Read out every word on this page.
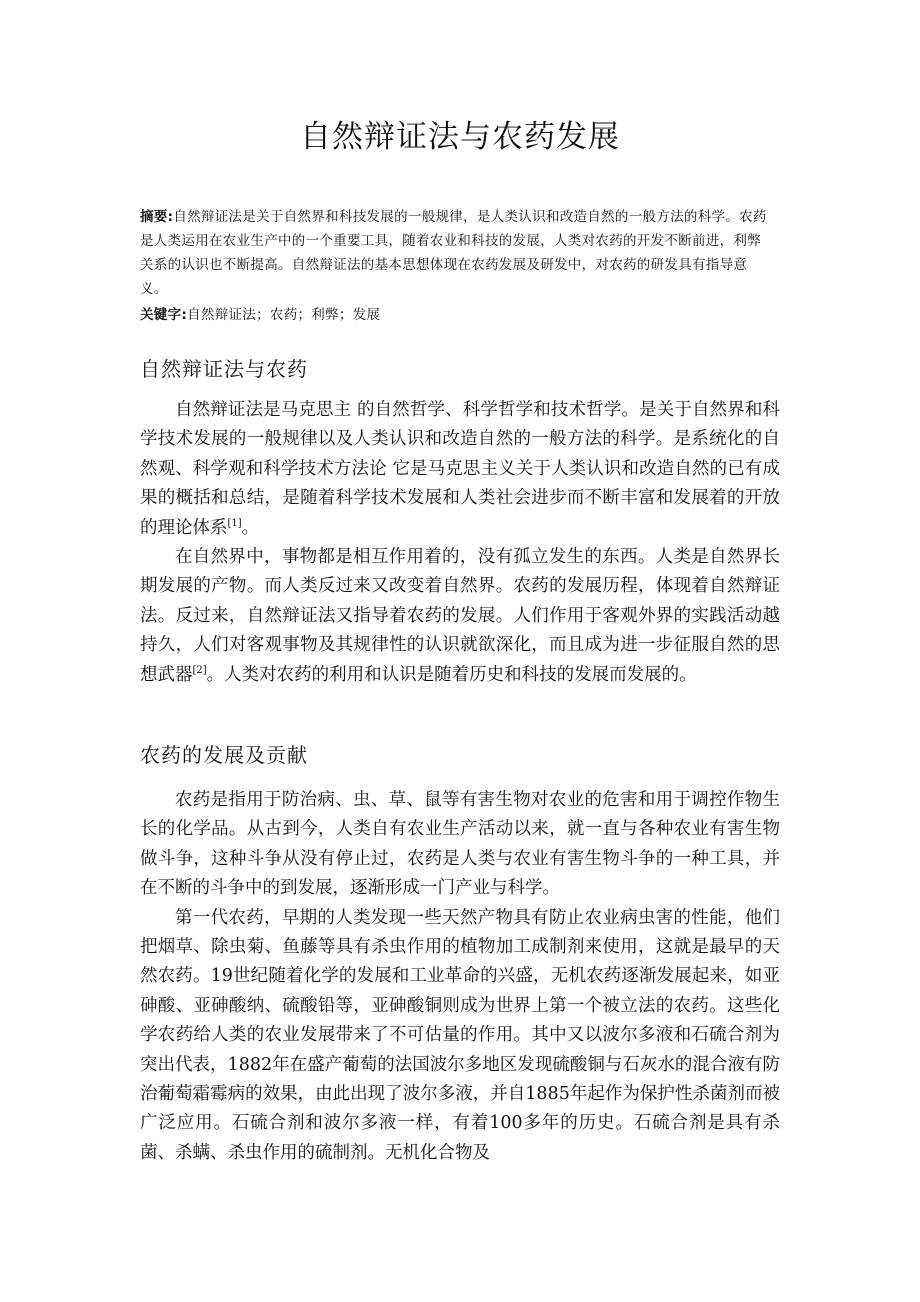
自然辩证法与农药发展

摘要:自然辩证法是关于自然界和科技发展的一般规律，是人类认识和改造自然的一般方法的科学。农药是人类运用在农业生产中的一个重要工具，随着农业和科技的发展，人类对农药的开发不断前进，利弊关系的认识也不断提高。自然辩证法的基本思想体现在农药发展及研发中，对农药的研发具有指导意义。

关键字:自然辩证法；农药；利弊；发展

自然辩证法与农药

自然辩证法是马克思主 的自然哲学、科学哲学和技术哲学。是关于自然界和科学技术发展的一般规律以及人类认识和改造自然的一般方法的科学。是系统化的自然观、科学观和科学技术方法论 它是马克思主义关于人类认识和改造自然的已有成果的概括和总结，是随着科学技术发展和人类社会进步而不断丰富和发展着的开放的理论体系[1]。

在自然界中，事物都是相互作用着的，没有孤立发生的东西。人类是自然界长期发展的产物。而人类反过来又改变着自然界。农药的发展历程，体现着自然辩证法。反过来，自然辩证法又指导着农药的发展。人们作用于客观外界的实践活动越持久，人们对客观事物及其规律性的认识就欲深化，而且成为进一步征服自然的思想武器[2]。人类对农药的利用和认识是随着历史和科技的发展而发展的。

农药的发展及贡献

农药是指用于防治病、虫、草、鼠等有害生物对农业的危害和用于调控作物生长的化学品。从古到今，人类自有农业生产活动以来，就一直与各种农业有害生物做斗争，这种斗争从没有停止过，农药是人类与农业有害生物斗争的一种工具，并在不断的斗争中的到发展，逐渐形成一门产业与科学。

第一代农药，早期的人类发现一些天然产物具有防止农业病虫害的性能，他们把烟草、除虫菊、鱼藤等具有杀虫作用的植物加工成制剂来使用，这就是最早的天然农药。19世纪随着化学的发展和工业革命的兴盛，无机农药逐渐发展起来，如亚砷酸、亚砷酸纳、硫酸铅等，亚砷酸铜则成为世界上第一个被立法的农药。这些化学农药给人类的农业发展带来了不可估量的作用。其中又以波尔多液和石硫合剂为突出代表，1882年在盛产葡萄的法国波尔多地区发现硫酸铜与石灰水的混合液有防治葡萄霜霉病的效果，由此出现了波尔多液，并自1885年起作为保护性杀菌剂而被广泛应用。石硫合剂和波尔多液一样，有着100多年的历史。石硫合剂是具有杀菌、杀螨、杀虫作用的硫制剂。无机化合物及
